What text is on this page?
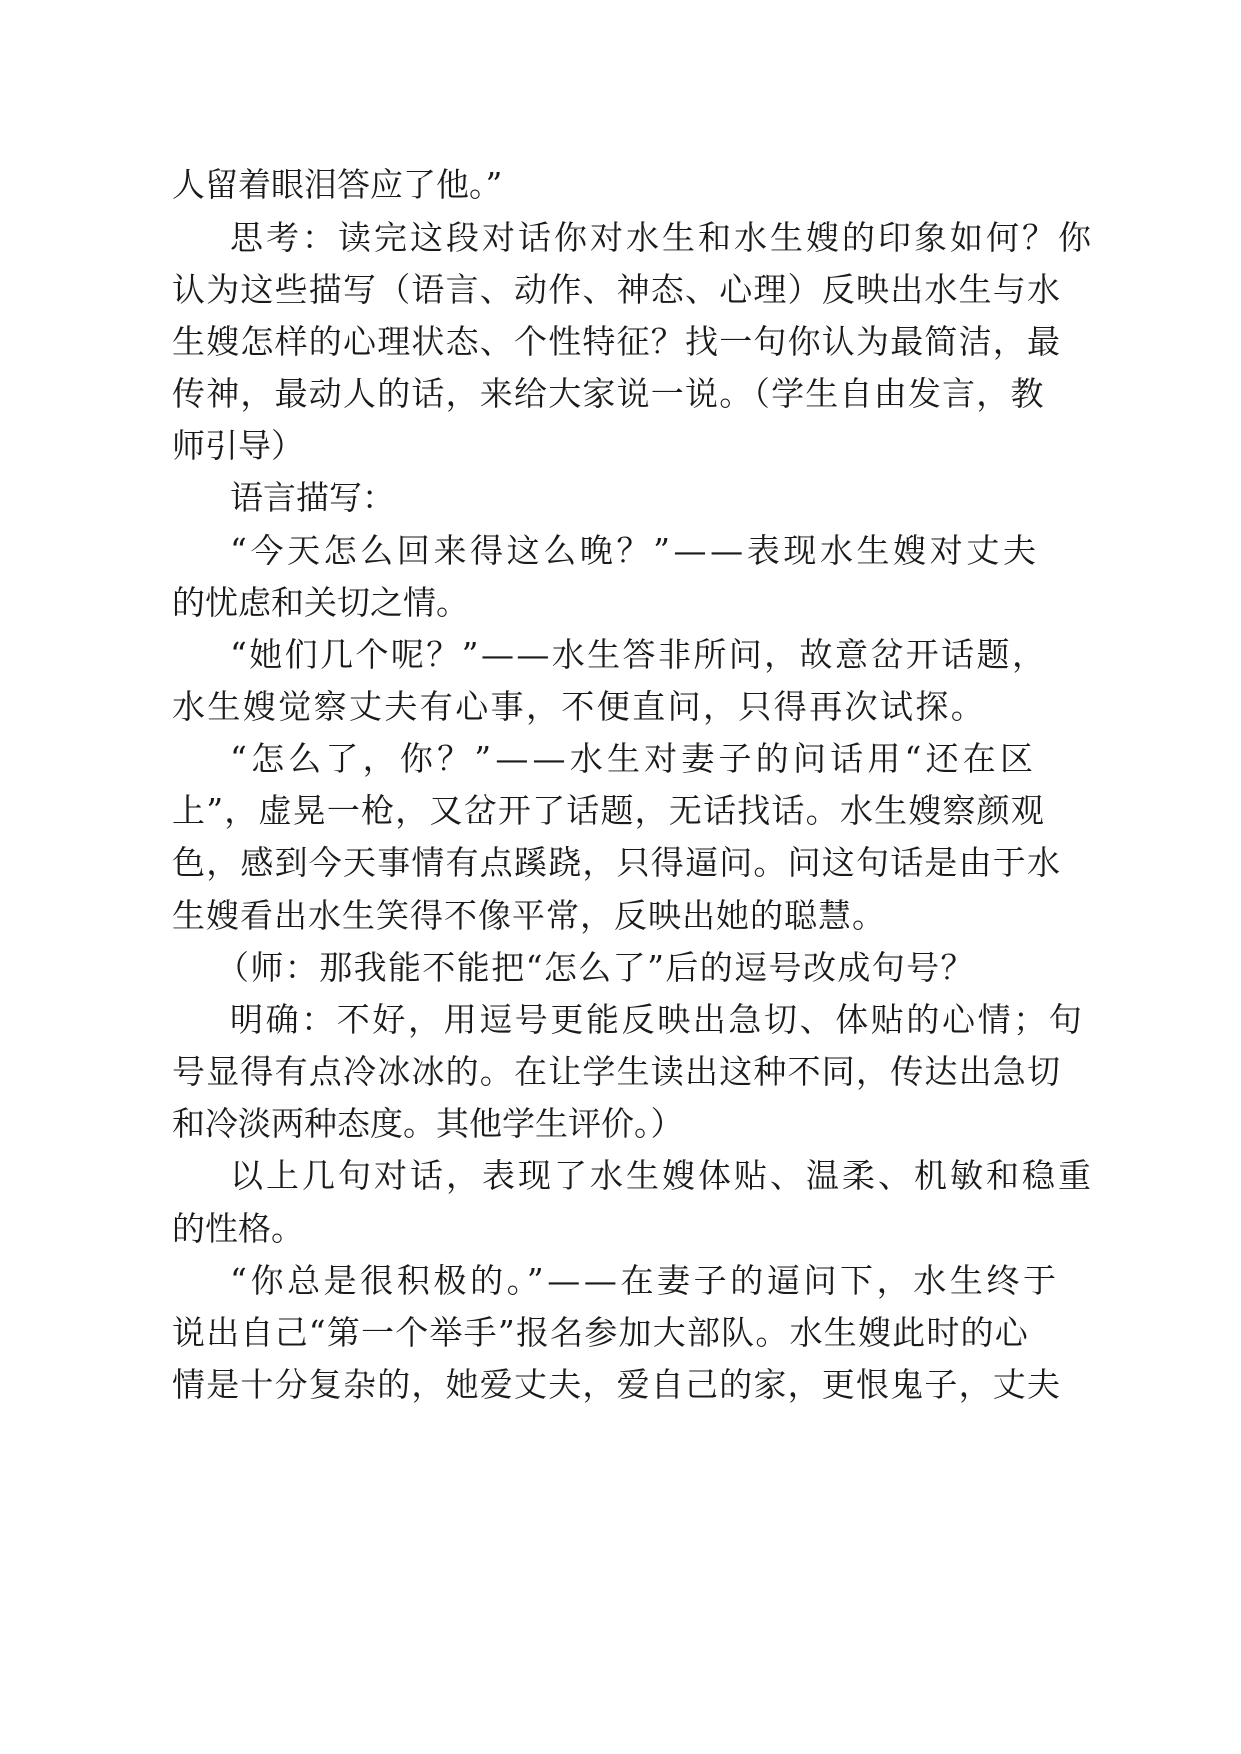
人留着眼泪答应了他。”
思考：读完这段对话你对水生和水生嫂的印象如何？你
认为这些描写（语言、动作、神态、心理）反映出水生与水
生嫂怎样的心理状态、个性特征？找一句你认为最简洁，最
传神，最动人的话，来给大家说一说。（学生自由发言，教
师引导）
语言描写：
“今天怎么回来得这么晚？”——表现水生嫂对丈夫
的忧虑和关切之情。
“她们几个呢？”——水生答非所问，故意岔开话题，
水生嫂觉察丈夫有心事，不便直问，只得再次试探。
“怎么了，你？”——水生对妻子的问话用“还在区
上”，虚晃一枪，又岔开了话题，无话找话。水生嫂察颜观
色，感到今天事情有点蹊跷，只得逼问。问这句话是由于水
生嫂看出水生笑得不像平常，反映出她的聪慧。
（师：那我能不能把“怎么了”后的逗号改成句号？
明确：不好，用逗号更能反映出急切、体贴的心情；句
号显得有点冷冰冰的。在让学生读出这种不同，传达出急切
和冷淡两种态度。其他学生评价。）
以上几句对话，表现了水生嫂体贴、温柔、机敏和稳重
的性格。
“你总是很积极的。”——在妻子的逼问下，水生终于
说出自己“第一个举手”报名参加大部队。水生嫂此时的心
情是十分复杂的，她爱丈夫，爱自己的家，更恨鬼子，丈夫
